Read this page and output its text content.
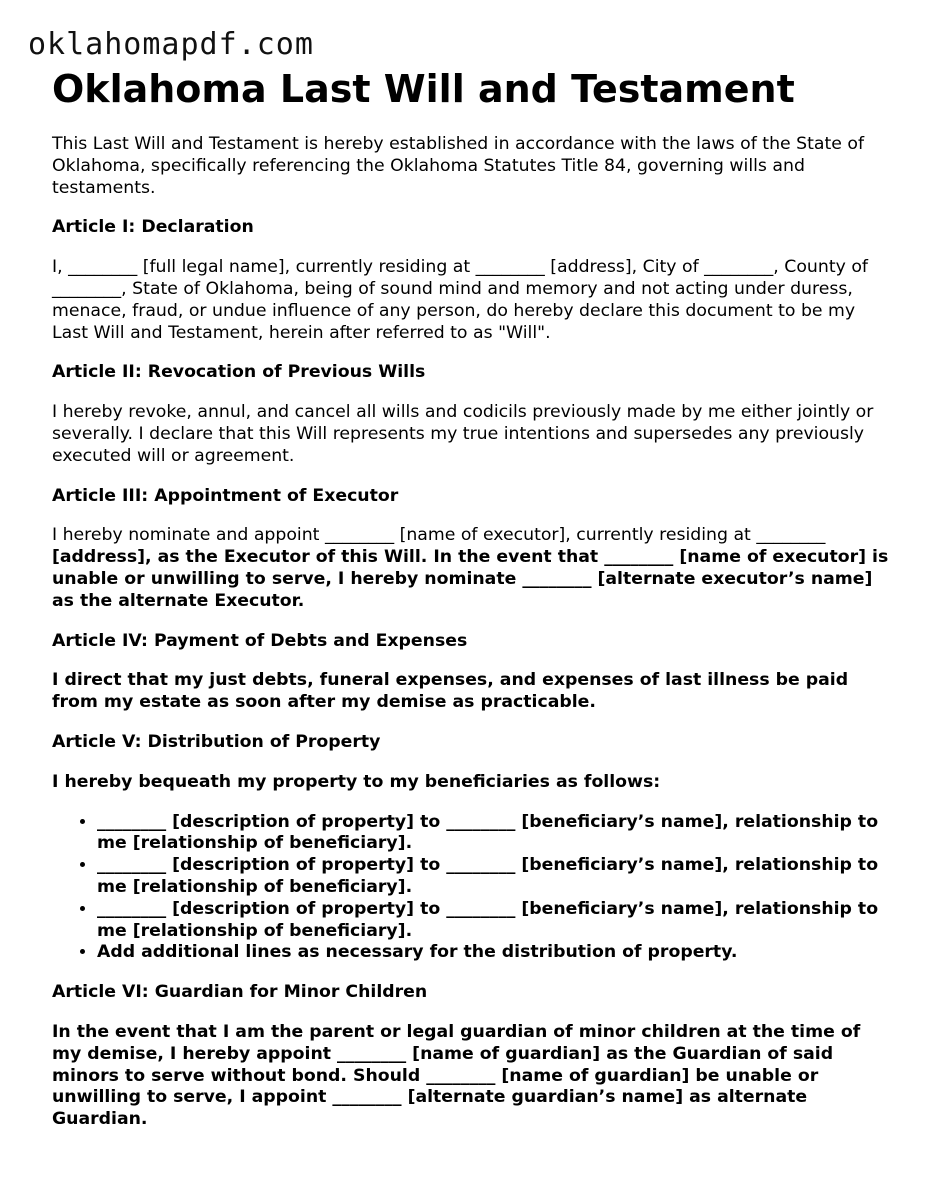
oklahomapdf.com
Oklahoma Last Will and Testament

This Last Will and Testament is hereby established in accordance with the laws of the State of Oklahoma, specifically referencing the Oklahoma Statutes Title 84, governing wills and testaments.

Article I: Declaration

I, ________ [full legal name], currently residing at ________ [address], City of ________, County of ________, State of Oklahoma, being of sound mind and memory and not acting under duress, menace, fraud, or undue influence of any person, do hereby declare this document to be my Last Will and Testament, herein after referred to as "Will".

Article II: Revocation of Previous Wills

I hereby revoke, annul, and cancel all wills and codicils previously made by me either jointly or severally. I declare that this Will represents my true intentions and supersedes any previously executed will or agreement.

Article III: Appointment of Executor

I hereby nominate and appoint ________ [name of executor], currently residing at ________ [address], as the Executor of this Will. In the event that ________ [name of executor] is unable or unwilling to serve, I hereby nominate ________ [alternate executor’s name] as the alternate Executor.

Article IV: Payment of Debts and Expenses

I direct that my just debts, funeral expenses, and expenses of last illness be paid from my estate as soon after my demise as practicable.

Article V: Distribution of Property

I hereby bequeath my property to my beneficiaries as follows:

• ________ [description of property] to ________ [beneficiary’s name], relationship to me [relationship of beneficiary].
• ________ [description of property] to ________ [beneficiary’s name], relationship to me [relationship of beneficiary].
• ________ [description of property] to ________ [beneficiary’s name], relationship to me [relationship of beneficiary].
• Add additional lines as necessary for the distribution of property.
Article VI: Guardian for Minor Children

In the event that I am the parent or legal guardian of minor children at the time of my demise, I hereby appoint ________ [name of guardian] as the Guardian of said minors to serve without bond. Should ________ [name of guardian] be unable or unwilling to serve, I appoint ________ [alternate guardian’s name] as alternate Guardian.
